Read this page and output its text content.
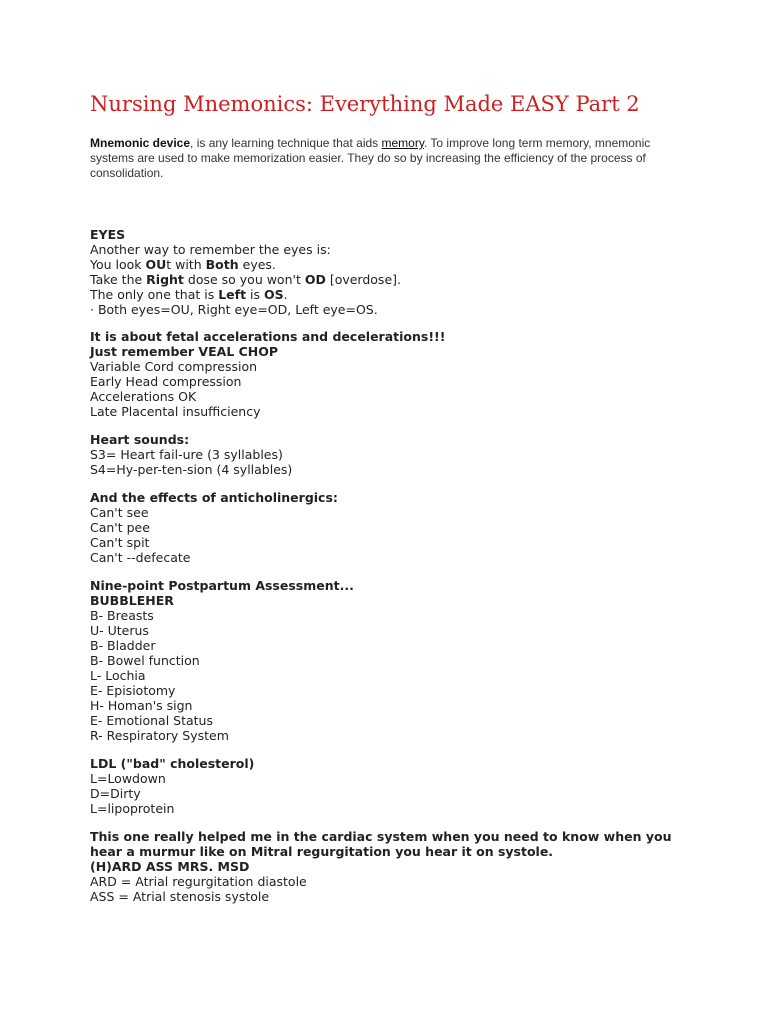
Nursing Mnemonics: Everything Made EASY Part 2

Mnemonic device, is any learning technique that aids memory. To improve long term memory, mnemonic systems are used to make memorization easier. They do so by increasing the efficiency of the process of consolidation.

EYES
Another way to remember the eyes is:
You look OUt with Both eyes.
Take the Right dose so you won't OD [overdose].
The only one that is Left is OS.
· Both eyes=OU, Right eye=OD, Left eye=OS.
It is about fetal accelerations and decelerations!!!
Just remember VEAL CHOP
Variable Cord compression
Early Head compression
Accelerations OK
Late Placental insufficiency
Heart sounds:
S3= Heart fail-ure (3 syllables)
S4=Hy-per-ten-sion (4 syllables)
And the effects of anticholinergics:
Can't see
Can't pee
Can't spit
Can't --defecate
Nine-point Postpartum Assessment...
BUBBLEHER
B- Breasts
U- Uterus
B- Bladder
B- Bowel function
L- Lochia
E- Episiotomy
H- Homan's sign
E- Emotional Status
R- Respiratory System
LDL ("bad" cholesterol)
L=Lowdown
D=Dirty
L=lipoprotein
This one really helped me in the cardiac system when you need to know when you
hear a murmur like on Mitral regurgitation you hear it on systole.
(H)ARD ASS MRS. MSD
ARD = Atrial regurgitation diastole
ASS = Atrial stenosis systole
